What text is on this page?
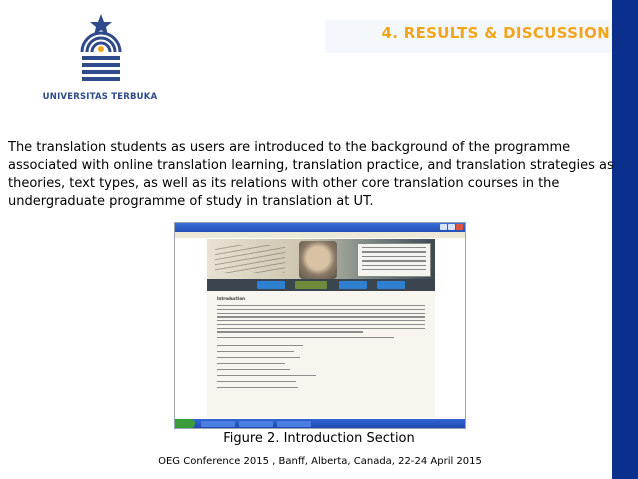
4. RESULTS & DISCUSSION
UNIVERSITAS TERBUKA
The translation students as users are introduced to the background of the programme associated with online translation learning, translation practice, and translation strategies as theories, text types, as well as its relations with other core translation courses in the undergraduate programme of study in translation at UT.
Introduction
Figure 2. Introduction Section
OEG Conference 2015 , Banff, Alberta, Canada, 22-24 April 2015
